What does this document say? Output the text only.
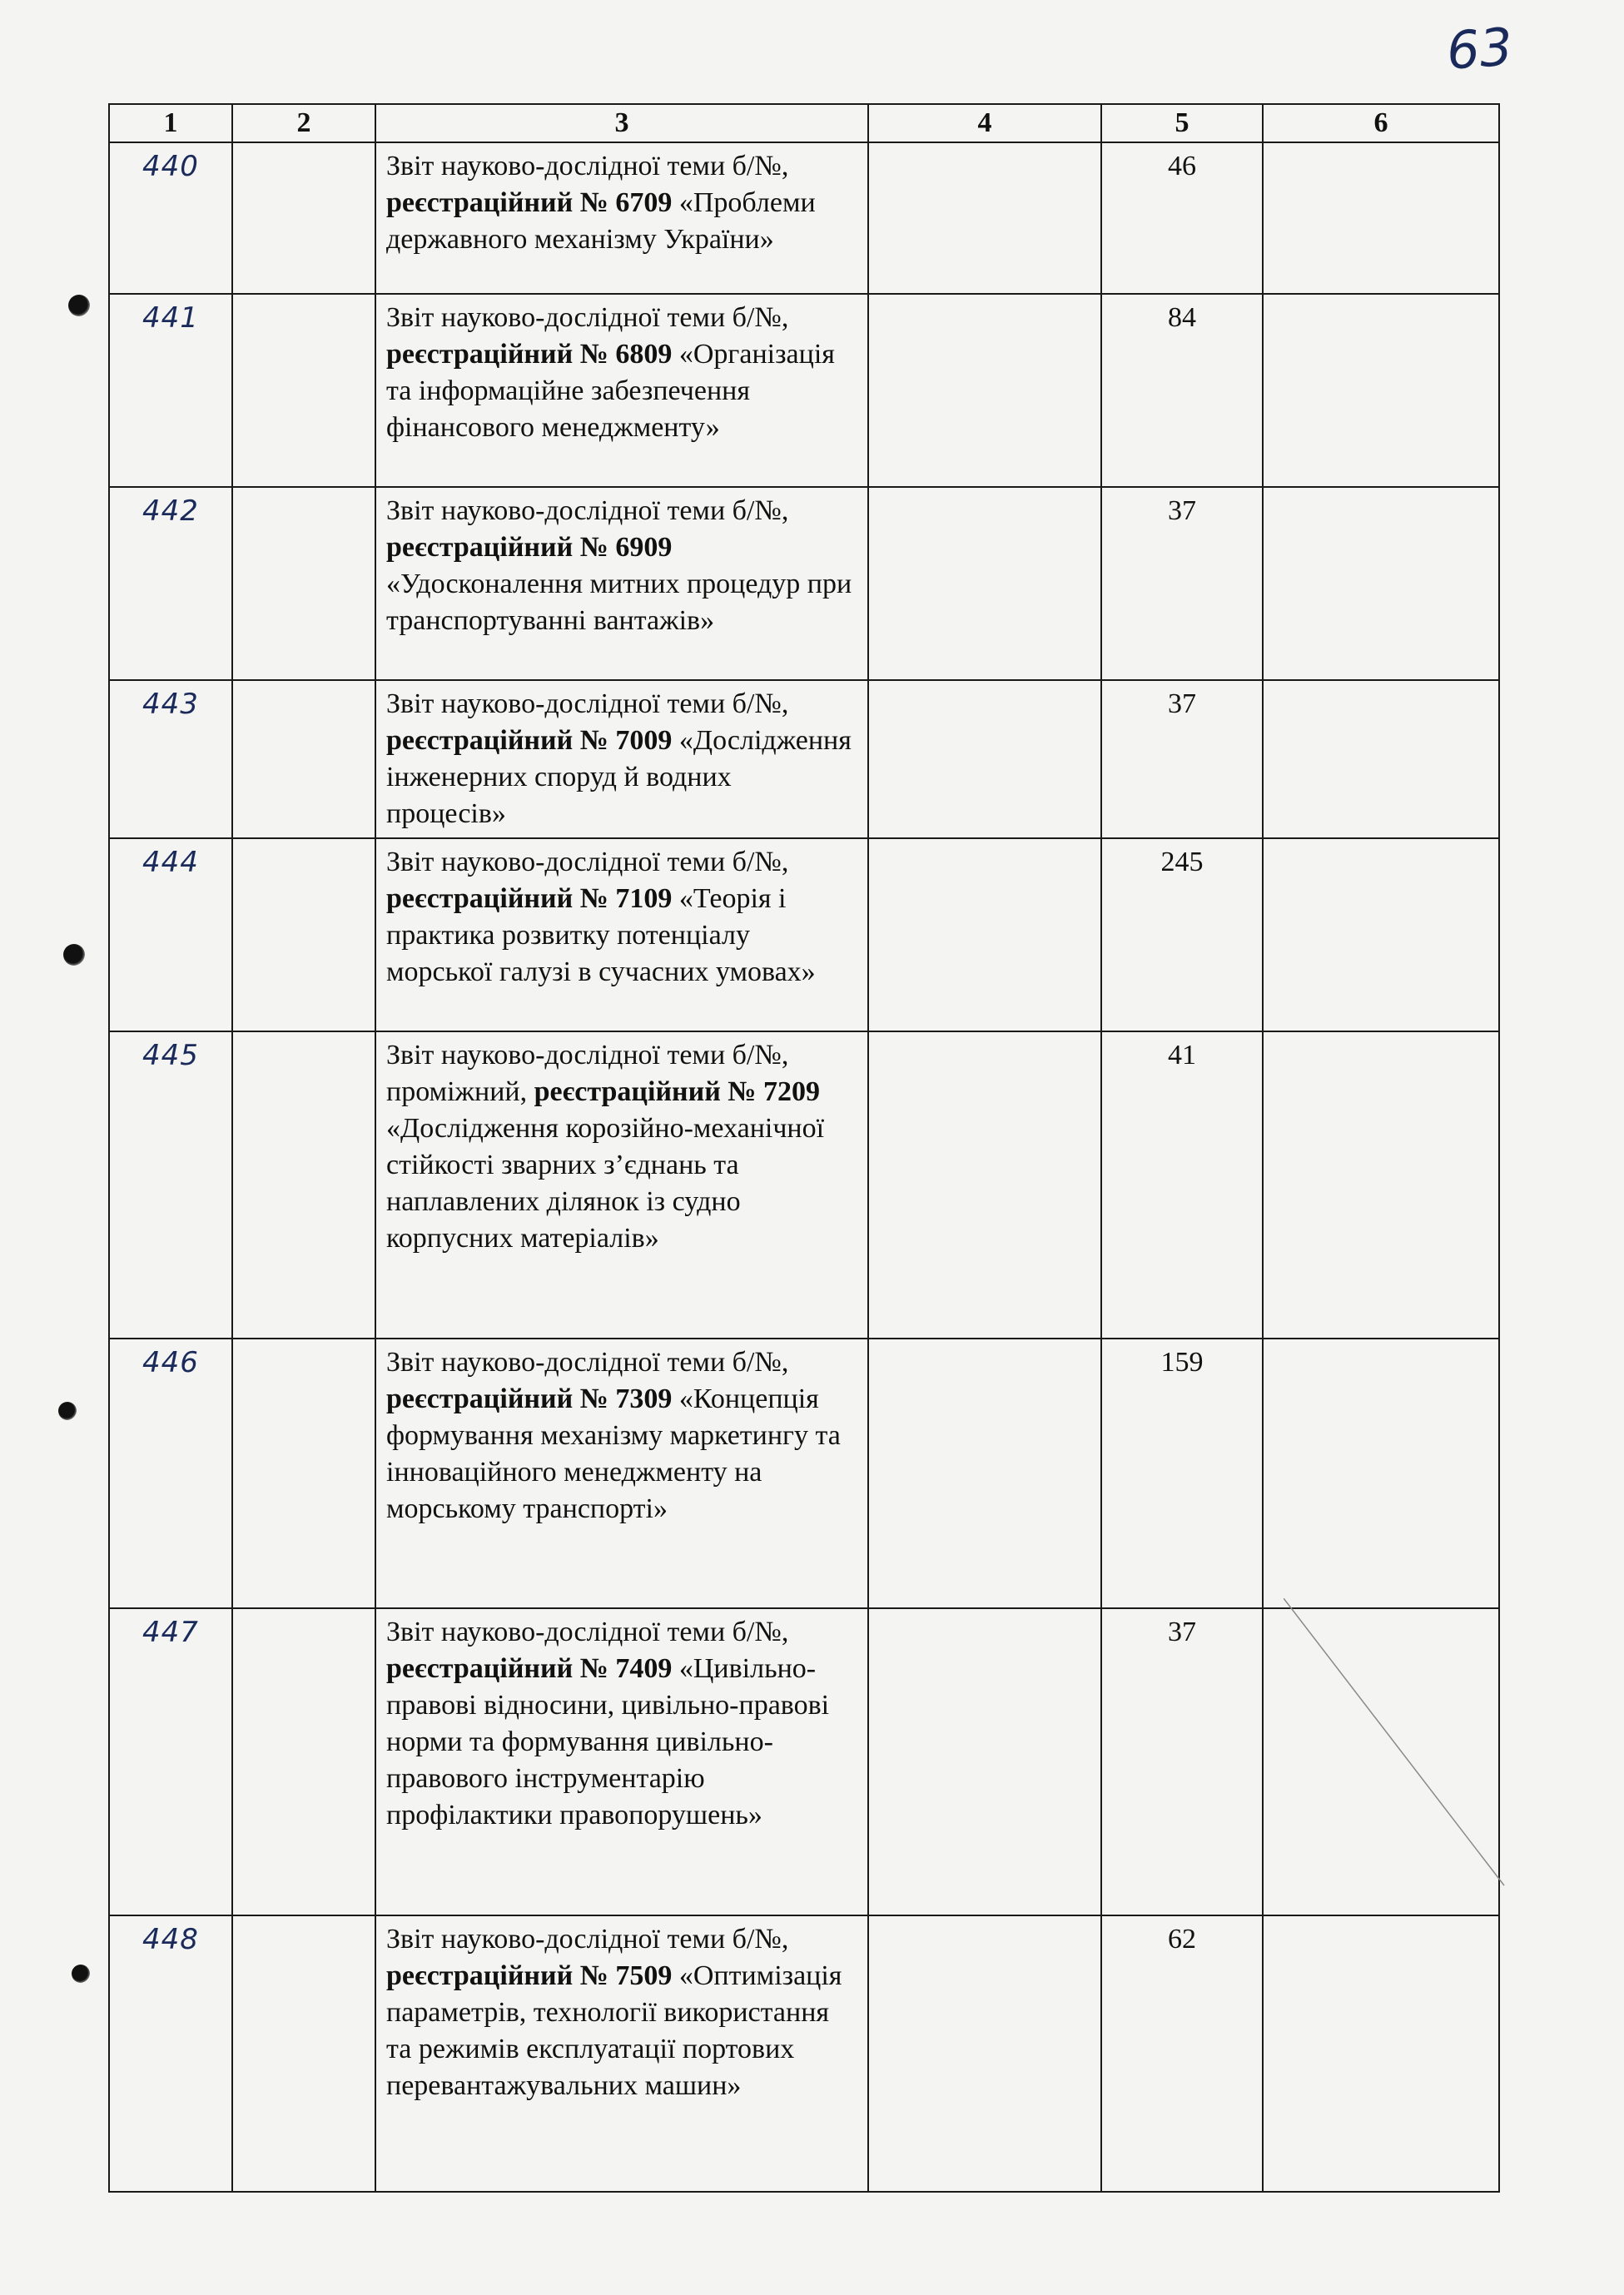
63
1	2	3	4	5	6
440		Звіт науково-дослідної теми б/№, реєстраційний № 6709 «Проблеми державного механізму України»		46	
441		Звіт науково-дослідної теми б/№, реєстраційний № 6809 «Організація та інформаційне забезпечення фінансового менеджменту»		84	
442		Звіт науково-дослідної теми б/№, реєстраційний № 6909 «Удосконалення митних процедур при транспортуванні вантажів»		37	
443		Звіт науково-дослідної теми б/№, реєстраційний № 7009 «Дослідження інженерних споруд й водних процесів»		37	
444		Звіт науково-дослідної теми б/№, реєстраційний № 7109 «Теорія і практика розвитку потенціалу морської галузі в сучасних умовах»		245	
445		Звіт науково-дослідної теми б/№, проміжний, реєстраційний № 7209 «Дослідження корозійно-механічної стійкості зварних з’єднань та наплавлених ділянок із судно корпусних матеріалів»		41	
446		Звіт науково-дослідної теми б/№, реєстраційний № 7309 «Концепція формування механізму маркетингу та інноваційного менеджменту на морському транспорті»		159	
447		Звіт науково-дослідної теми б/№, реєстраційний № 7409 «Цивільно-правові відносини, цивільно-правові норми та формування цивільно-правового інструментарію профілактики правопорушень»		37	
448		Звіт науково-дослідної теми б/№, реєстраційний № 7509 «Оптимізація параметрів, технології використання та режимів експлуатації портових перевантажувальних машин»		62	
